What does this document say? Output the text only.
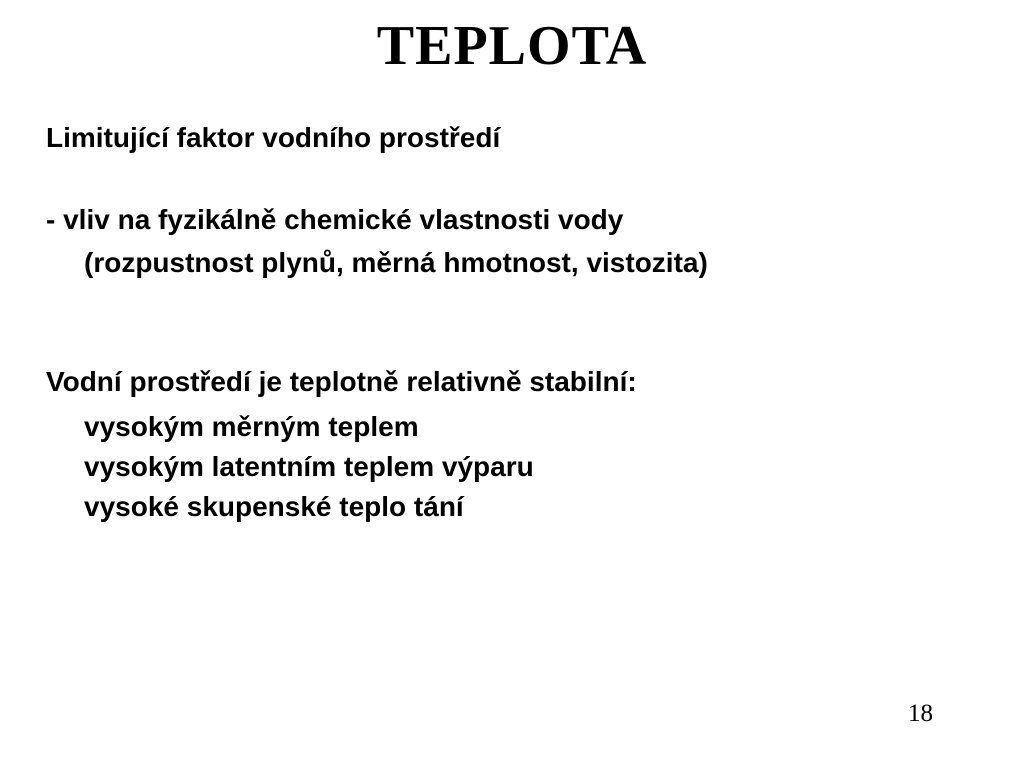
TEPLOTA
Limitující faktor vodního prostředí
- vliv na fyzikálně chemické vlastnosti vody
(rozpustnost plynů, měrná hmotnost, vistozita)
Vodní prostředí je teplotně relativně stabilní:
vysokým měrným teplem
vysokým latentním teplem výparu
vysoké skupenské teplo tání
18
